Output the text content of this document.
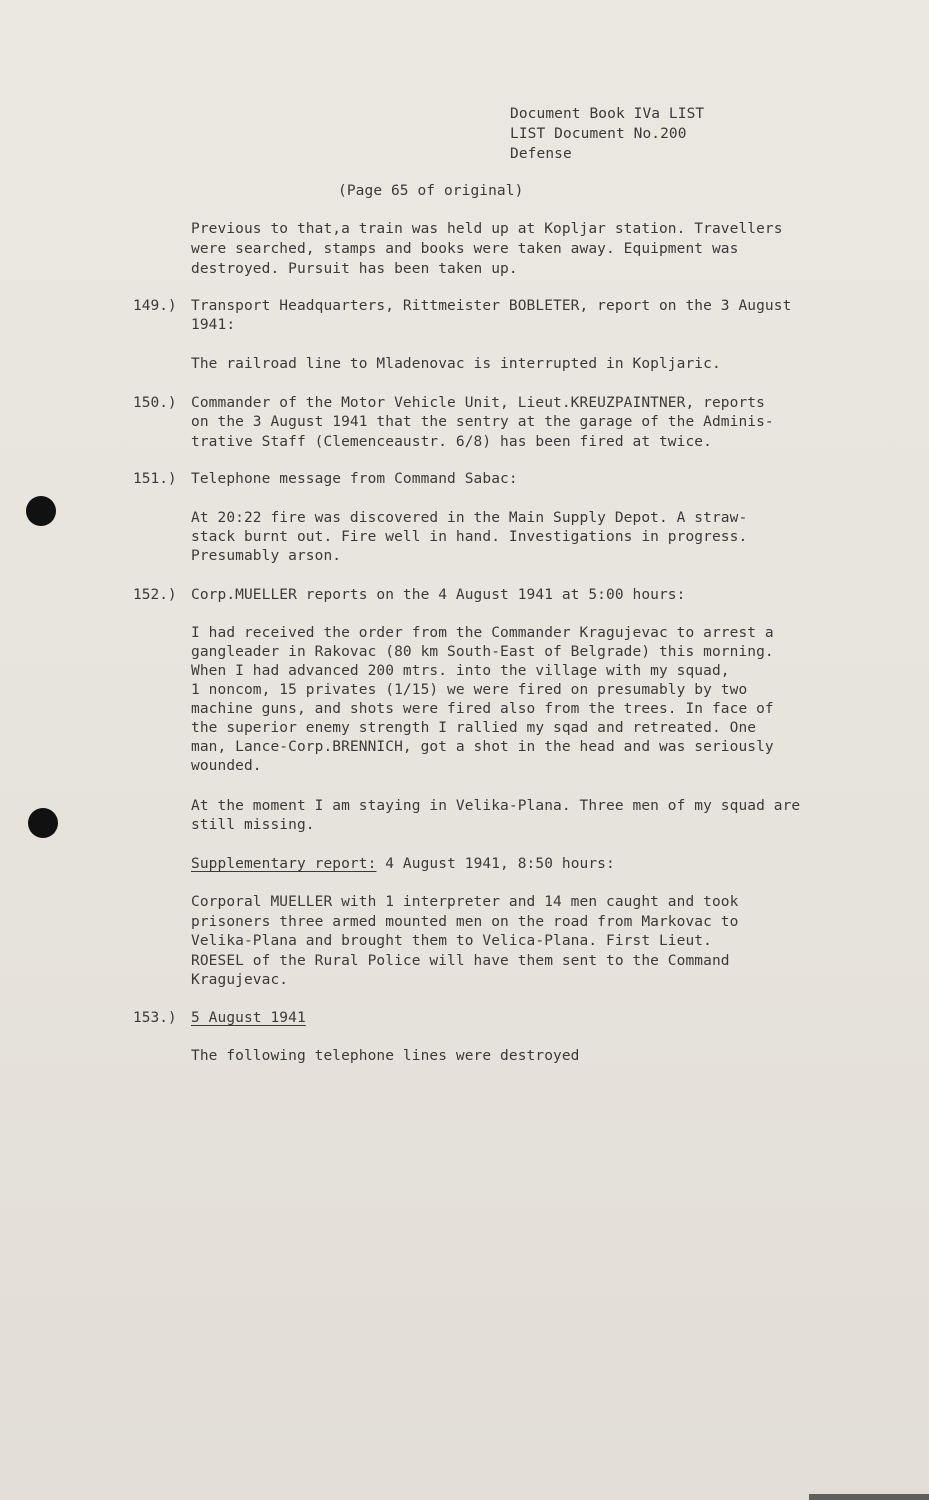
Document Book IVa LIST
LIST Document No.200
Defense
(Page 65 of original)
Previous to that,a train was held up at Kopljar station. Travellers
were searched, stamps and books were taken away. Equipment was
destroyed. Pursuit has been taken up.
149.) Transport Headquarters, Rittmeister BOBLETER, report on the 3 August
1941:
The railroad line to Mladenovac is interrupted in Kopljaric.
150.) Commander of the Motor Vehicle Unit, Lieut.KREUZPAINTNER, reports
on the 3 August 1941 that the sentry at the garage of the Adminis-
trative Staff (Clemenceaustr. 6/8) has been fired at twice.
151.) Telephone message from Command Sabac:
At 20:22 fire was discovered in the Main Supply Depot. A straw-
stack burnt out. Fire well in hand. Investigations in progress.
Presumably arson.
152.) Corp.MUELLER reports on the 4 August 1941 at 5:00 hours:
I had received the order from the Commander Kragujevac to arrest a
gangleader in Rakovac (80 km South-East of Belgrade) this morning.
When I had advanced 200 mtrs. into the village with my squad,
1 noncom, 15 privates (1/15) we were fired on presumably by two
machine guns, and shots were fired also from the trees. In face of
the superior enemy strength I rallied my sqad and retreated. One
man, Lance-Corp.BRENNICH, got a shot in the head and was seriously
wounded.
At the moment I am staying in Velika-Plana. Three men of my squad are
still missing.
Supplementary report: 4 August 1941, 8:50 hours:
Corporal MUELLER with 1 interpreter and 14 men caught and took
prisoners three armed mounted men on the road from Markovac to
Velika-Plana and brought them to Velica-Plana. First Lieut.
ROESEL of the Rural Police will have them sent to the Command
Kragujevac.
153.) 5 August 1941
The following telephone lines were destroyed
